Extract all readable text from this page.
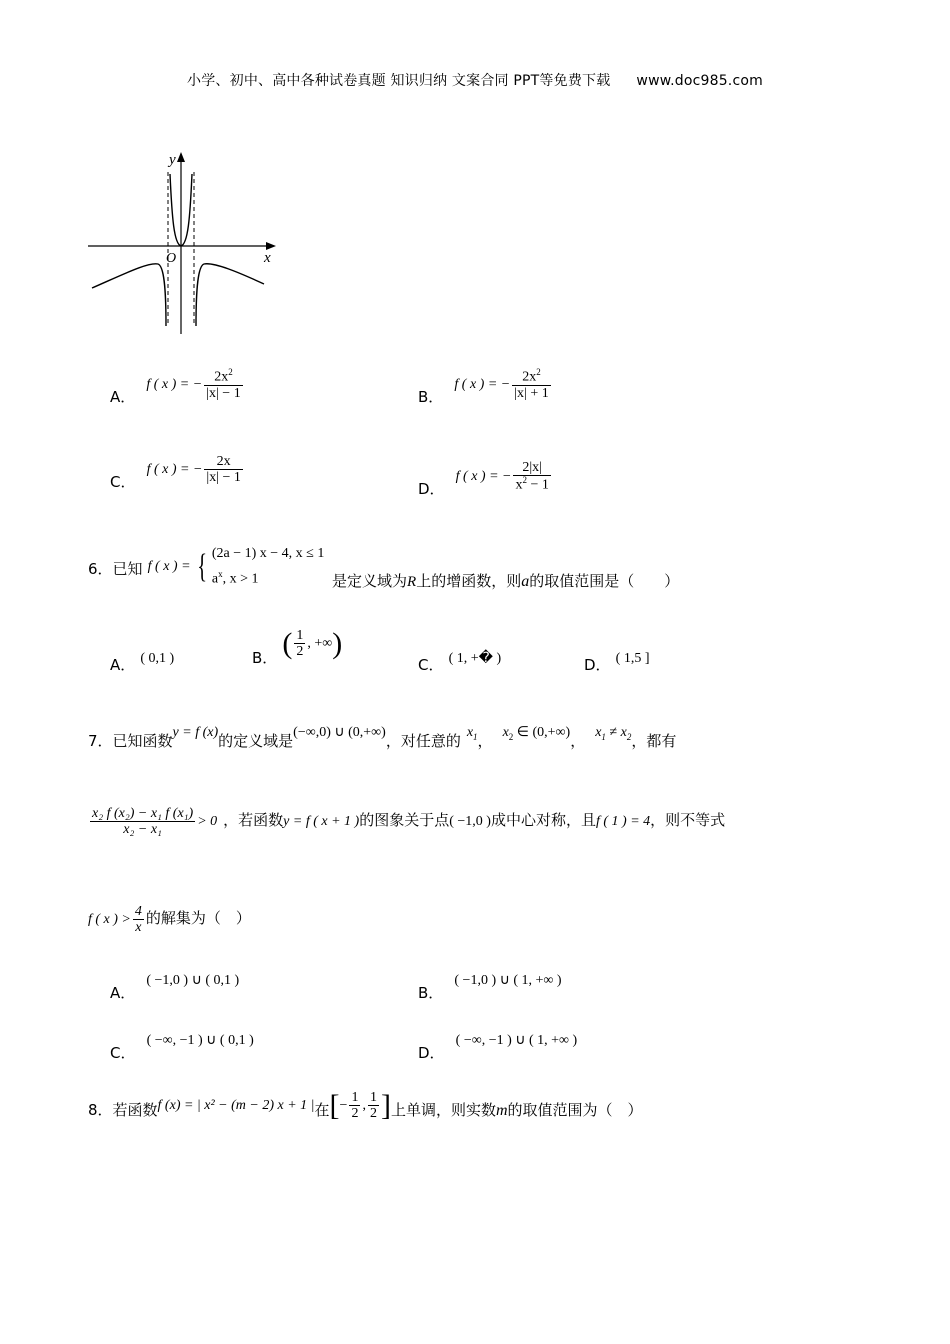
小学、初中、高中各种试卷真题 知识归纳 文案合同 PPT等免费下载 www.doc985.com
y
x
O
A． f ( x ) = − $\frac{2x^2}{|x| - 1}$	B． f ( x ) = − $\frac{2x^2}{|x| + 1}$
C． f ( x ) = − $\frac{2x}{|x| - 1}$
D． f ( x ) = − $\frac{2|x|}{x^2 - 1}$
6．已知 f ( x ) = { (2a − 1) x − 4, x ≤ 1
$a^x$, x > 1	是定义域为R上的增函数，则a的取值范围是（　　）
A． ( 0,1 )	B． ( $\frac{1}{2}$ , +∞)
C． ( 1, +� )	D． ( 1,5 ]
7．已知函数y = f (x)的定义域是(−∞,0) ∪ (0,+∞)，对任意的 $x_1$， $x_2$ ∈ (0,+∞)， $x_1 \ne x_2$，都有
$\frac{\text{x₂ f (x₂) − x₁ f (x₁)}}{\text{x₂ − x₁}} > 0$ ，若函数y = f ( x + 1 )的图象关于点( −1,0 )成中心对称，且f ( 1 ) = 4，则不等式
f ( x ) > $\frac{4}{x}$ 的解集为（　）
A． ( −1,0 ) ∪ ( 0,1 )
B． ( −1,0 ) ∪ ( 1, +∞ )
C． ( −∞, −1 ) ∪ ( 0,1 )
D． ( −∞, −1 ) ∪ ( 1, +∞ )
8．若函数f (x) = | x² − (m − 2) x + 1 |在[− $\frac{1}{2}$ , $\frac{1}{2}$ ]上单调，则实数m的取值范围为（　）
